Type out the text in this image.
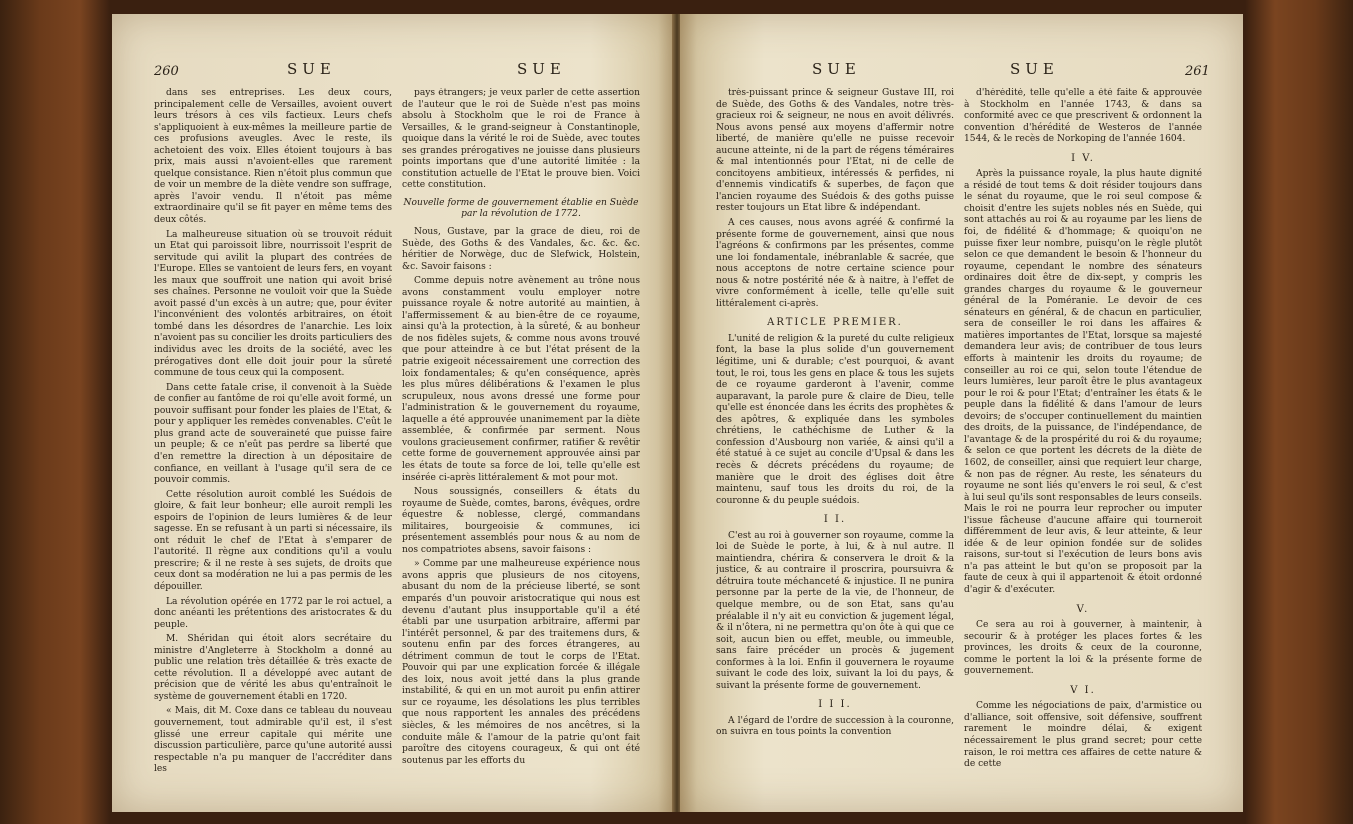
260	SUE	SUE

dans ses entreprises. Les deux cours, principalement celle de Versailles, avoient ouvert leurs trésors à ces vils factieux. Leurs chefs s'appliquoient à eux-mêmes la meilleure partie de ces profusions aveugles. Avec le reste, ils achetoient des voix. Elles étoient toujours à bas prix, mais aussi n'avoient-elles que rarement quelque consistance. Rien n'étoit plus commun que de voir un membre de la diète vendre son suffrage, après l'avoir vendu. Il n'étoit pas même extraordinaire qu'il se fit payer en même tems des deux côtés.

La malheureuse situation où se trouvoit réduit un Etat qui paroissoit libre, nourrissoit l'esprit de servitude qui avilit la plupart des contrées de l'Europe. Elles se vantoient de leurs fers, en voyant les maux que souffroit une nation qui avoit brisé ses chaînes. Personne ne vouloit voir que la Suède avoit passé d'un excès à un autre; que, pour éviter l'inconvénient des volontés arbitraires, on étoit tombé dans les désordres de l'anarchie. Les loix n'avoient pas su concilier les droits particuliers des individus avec les droits de la société, avec les prérogatives dont elle doit jouir pour la sûreté commune de tous ceux qui la composent.

Dans cette fatale crise, il convenoit à la Suède de confier au fantôme de roi qu'elle avoit formé, un pouvoir suffisant pour fonder les plaies de l'Etat, & pour y appliquer les remèdes convenables. C'eût le plus grand acte de souveraineté que puisse faire un peuple; & ce n'eût pas perdre sa liberté que d'en remettre la direction à un dépositaire de confiance, en veillant à l'usage qu'il sera de ce pouvoir commis.

Cette résolution auroit comblé les Suédois de gloire, & fait leur bonheur; elle auroit rempli les espoirs de l'opinion de leurs lumières & de leur sagesse. En se refusant à un parti si nécessaire, ils ont réduit le chef de l'Etat à s'emparer de l'autorité. Il règne aux conditions qu'il a voulu prescrire; & il ne reste à ses sujets, de droits que ceux dont sa modération ne lui a pas permis de les dépouiller.

La révolution opérée en 1772 par le roi actuel, a donc anéanti les prétentions des aristocrates & du peuple.

M. Shéridan qui étoit alors secrétaire du ministre d'Angleterre à Stockholm a donné au public une relation très détaillée & très exacte de cette révolution. Il a développé avec autant de précision que de vérité les abus qu'entraînoit le système de gouvernement établi en 1720.

« Mais, dit M. Coxe dans ce tableau du nouveau gouvernement, tout admirable qu'il est, il s'est glissé une erreur capitale qui mérite une discussion particulière, parce qu'une autorité aussi respectable n'a pu manquer de l'accréditer dans les

pays étrangers; je veux parler de cette assertion de l'auteur que le roi de Suède n'est pas moins absolu à Stockholm que le roi de France à Versailles, & le grand-seigneur à Constantinople, quoique dans la vérité le roi de Suède, avec toutes ses grandes prérogatives ne jouisse dans plusieurs points importans que d'une autorité limitée : la constitution actuelle de l'Etat le prouve bien. Voici cette constitution.

Nouvelle forme de gouvernement établie en Suède par la révolution de 1772.

Nous, Gustave, par la grace de dieu, roi de Suède, des Goths & des Vandales, &c. &c. &c. héritier de Norwège, duc de Slefwick, Holstein, &c. Savoir faisons :

Comme depuis notre avènement au trône nous avons constamment voulu employer notre puissance royale & notre autorité au maintien, à l'affermissement & au bien-être de ce royaume, ainsi qu'à la protection, à la sûreté, & au bonheur de nos fidèles sujets, & comme nous avons trouvé que pour atteindre à ce but l'état présent de la patrie exigeoit nécessairement une correction des loix fondamentales; & qu'en conséquence, après les plus mûres délibérations & l'examen le plus scrupuleux, nous avons dressé une forme pour l'administration & le gouvernement du royaume, laquelle a été approuvée unanimement par la diète assemblée, & confirmée par serment. Nous voulons gracieusement confirmer, ratifier & revêtir cette forme de gouvernement approuvée ainsi par les états de toute sa force de loi, telle qu'elle est insérée ci-après littéralement & mot pour mot.

Nous soussignés, conseillers & états du royaume de Suède, comtes, barons, évêques, ordre équestre & noblesse, clergé, commandans militaires, bourgeoisie & communes, ici présentement assemblés pour nous & au nom de nos compatriotes absens, savoir faisons :

» Comme par une malheureuse expérience nous avons appris que plusieurs de nos citoyens, abusant du nom de la précieuse liberté, se sont emparés d'un pouvoir aristocratique qui nous est devenu d'autant plus insupportable qu'il a été établi par une usurpation arbitraire, affermi par l'intérêt personnel, & par des traitemens durs, & soutenu enfin par des forces étrangeres, au détriment commun de tout le corps de l'Etat. Pouvoir qui par une explication forcée & illégale des loix, nous avoit jetté dans la plus grande instabilité, & qui en un mot auroit pu enfin attirer sur ce royaume, les désolations les plus terribles que nous rapportent les annales des précédens siècles, & les mémoires de nos ancêtres, si la conduite mâle & l'amour de la patrie qu'ont fait paroître des citoyens courageux, & qui ont été soutenus par les efforts du

SUE	SUE	261

très-puissant prince & seigneur Gustave III, roi de Suède, des Goths & des Vandales, notre très-gracieux roi & seigneur, ne nous en avoit délivrés. Nous avons pensé aux moyens d'affermir notre liberté, de manière qu'elle ne puisse recevoir aucune atteinte, ni de la part de régens téméraires & mal intentionnés pour l'Etat, ni de celle de concitoyens ambitieux, intéressés & perfides, ni d'ennemis vindicatifs & superbes, de façon que l'ancien royaume des Suédois & des goths puisse rester toujours un Etat libre & indépendant.

A ces causes, nous avons agréé & confirmé la présente forme de gouvernement, ainsi que nous l'agréons & confirmons par les présentes, comme une loi fondamentale, inébranlable & sacrée, que nous acceptons de notre certaine science pour nous & notre postérité née & à naitre, à l'effet de vivre conformément à icelle, telle qu'elle suit littéralement ci-après.

ARTICLE PREMIER.

L'unité de religion & la pureté du culte religieux font, la base la plus solide d'un gouvernement légitime, uni & durable; c'est pourquoi, & avant tout, le roi, tous les gens en place & tous les sujets de ce royaume garderont à l'avenir, comme auparavant, la parole pure & claire de Dieu, telle qu'elle est énoncée dans les écrits des prophètes & des apôtres, & expliquée dans les symboles chrétiens, le cathéchisme de Luther & la confession d'Ausbourg non variée, & ainsi qu'il a été statué à ce sujet au concile d'Upsal & dans les recès & décrets précédens du royaume; de manière que le droit des églises doit être maintenu, sauf tous les droits du roi, de la couronne & du peuple suédois.

I I.

C'est au roi à gouverner son royaume, comme la loi de Suède le porte, à lui, & à nul autre. Il maintiendra, chérira & conservera le droit & la justice, & au contraire il proscrira, poursuivra & détruira toute méchanceté & injustice. Il ne punira personne par la perte de la vie, de l'honneur, de quelque membre, ou de son Etat, sans qu'au préalable il n'y ait eu conviction & jugement légal, & il n'ôtera, ni ne permettra qu'on ôte à qui que ce soit, aucun bien ou effet, meuble, ou immeuble, sans faire précéder un procès & jugement conformes à la loi. Enfin il gouvernera le royaume suivant le code des loix, suivant la loi du pays, & suivant la présente forme de gouvernement.

I I I.

A l'égard de l'ordre de succession à la couronne, on suivra en tous points la convention

d'hérédité, telle qu'elle a été faite & approuvée à Stockholm en l'année 1743, & dans sa conformité avec ce que prescrivent & ordonnent la convention d'hérédité de Westeros de l'année 1544, & le recès de Norkoping de l'année 1604.

I V.

Après la puissance royale, la plus haute dignité a résidé de tout tems & doit résider toujours dans le sénat du royaume, que le roi seul compose & choisit d'entre les sujets nobles nés en Suède, qui sont attachés au roi & au royaume par les liens de foi, de fidélité & d'hommage; & quoiqu'on ne puisse fixer leur nombre, puisqu'on le règle plutôt selon ce que demandent le besoin & l'honneur du royaume, cependant le nombre des sénateurs ordinaires doit être de dix-sept, y compris les grandes charges du royaume & le gouverneur général de la Poméranie. Le devoir de ces sénateurs en général, & de chacun en particulier, sera de conseiller le roi dans les affaires & matières importantes de l'Etat, lorsque sa majesté demandera leur avis; de contribuer de tous leurs efforts à maintenir les droits du royaume; de conseiller au roi ce qui, selon toute l'étendue de leurs lumières, leur paroît être le plus avantageux pour le roi & pour l'Etat; d'entraîner les états & le peuple dans la fidélité & dans l'amour de leurs devoirs; de s'occuper continuellement du maintien des droits, de la puissance, de l'indépendance, de l'avantage & de la prospérité du roi & du royaume; & selon ce que portent les décrets de la diète de 1602, de conseiller, ainsi que requiert leur charge, & non pas de régner. Au reste, les sénateurs du royaume ne sont liés qu'envers le roi seul, & c'est à lui seul qu'ils sont responsables de leurs conseils. Mais le roi ne pourra leur reprocher ou imputer l'issue fâcheuse d'aucune affaire qui tourneroit différemment de leur avis, & leur atteinte, & leur idée & de leur opinion fondée sur de solides raisons, sur-tout si l'exécution de leurs bons avis n'a pas atteint le but qu'on se proposoit par la faute de ceux à qui il appartenoit & étoit ordonné d'agir & d'exécuter.

V.

Ce sera au roi à gouverner, à maintenir, à secourir & à protéger les places fortes & les provinces, les droits & ceux de la couronne, comme le portent la loi & la présente forme de gouvernement.

V I.

Comme les négociations de paix, d'armistice ou d'alliance, soit offensive, soit défensive, souffrent rarement le moindre délai, & exigent nécessairement le plus grand secret; pour cette raison, le roi mettra ces affaires de cette nature & de cette
